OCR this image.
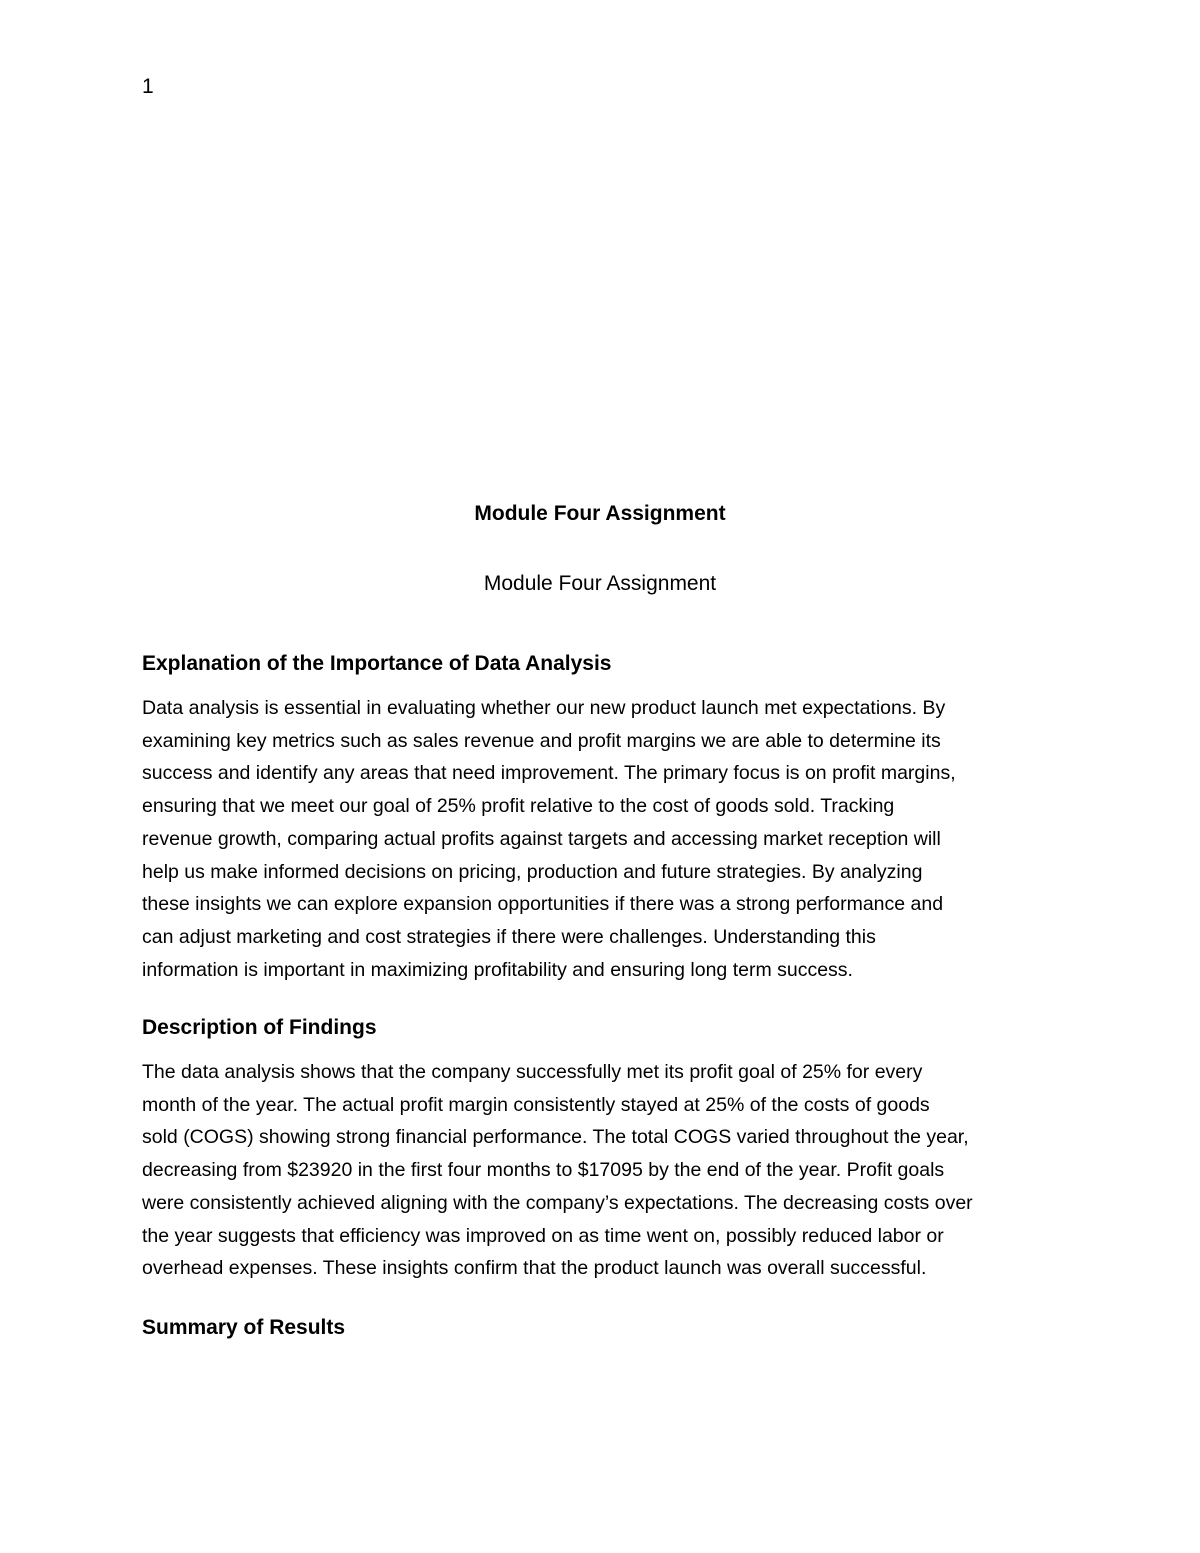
1
Module Four Assignment
Module Four Assignment

Explanation of the Importance of Data Analysis

Data analysis is essential in evaluating whether our new product launch met expectations. By
examining key metrics such as sales revenue and profit margins we are able to determine its
success and identify any areas that need improvement. The primary focus is on profit margins,
ensuring that we meet our goal of 25% profit relative to the cost of goods sold. Tracking
revenue growth, comparing actual profits against targets and accessing market reception will
help us make informed decisions on pricing, production and future strategies. By analyzing
these insights we can explore expansion opportunities if there was a strong performance and
can adjust marketing and cost strategies if there were challenges. Understanding this
information is important in maximizing profitability and ensuring long term success.

Description of Findings

The data analysis shows that the company successfully met its profit goal of 25% for every
month of the year. The actual profit margin consistently stayed at 25% of the costs of goods
sold (COGS) showing strong financial performance. The total COGS varied throughout the year,
decreasing from $23920 in the first four months to $17095 by the end of the year. Profit goals
were consistently achieved aligning with the company’s expectations. The decreasing costs over
the year suggests that efficiency was improved on as time went on, possibly reduced labor or
overhead expenses. These insights confirm that the product launch was overall successful.

Summary of Results
